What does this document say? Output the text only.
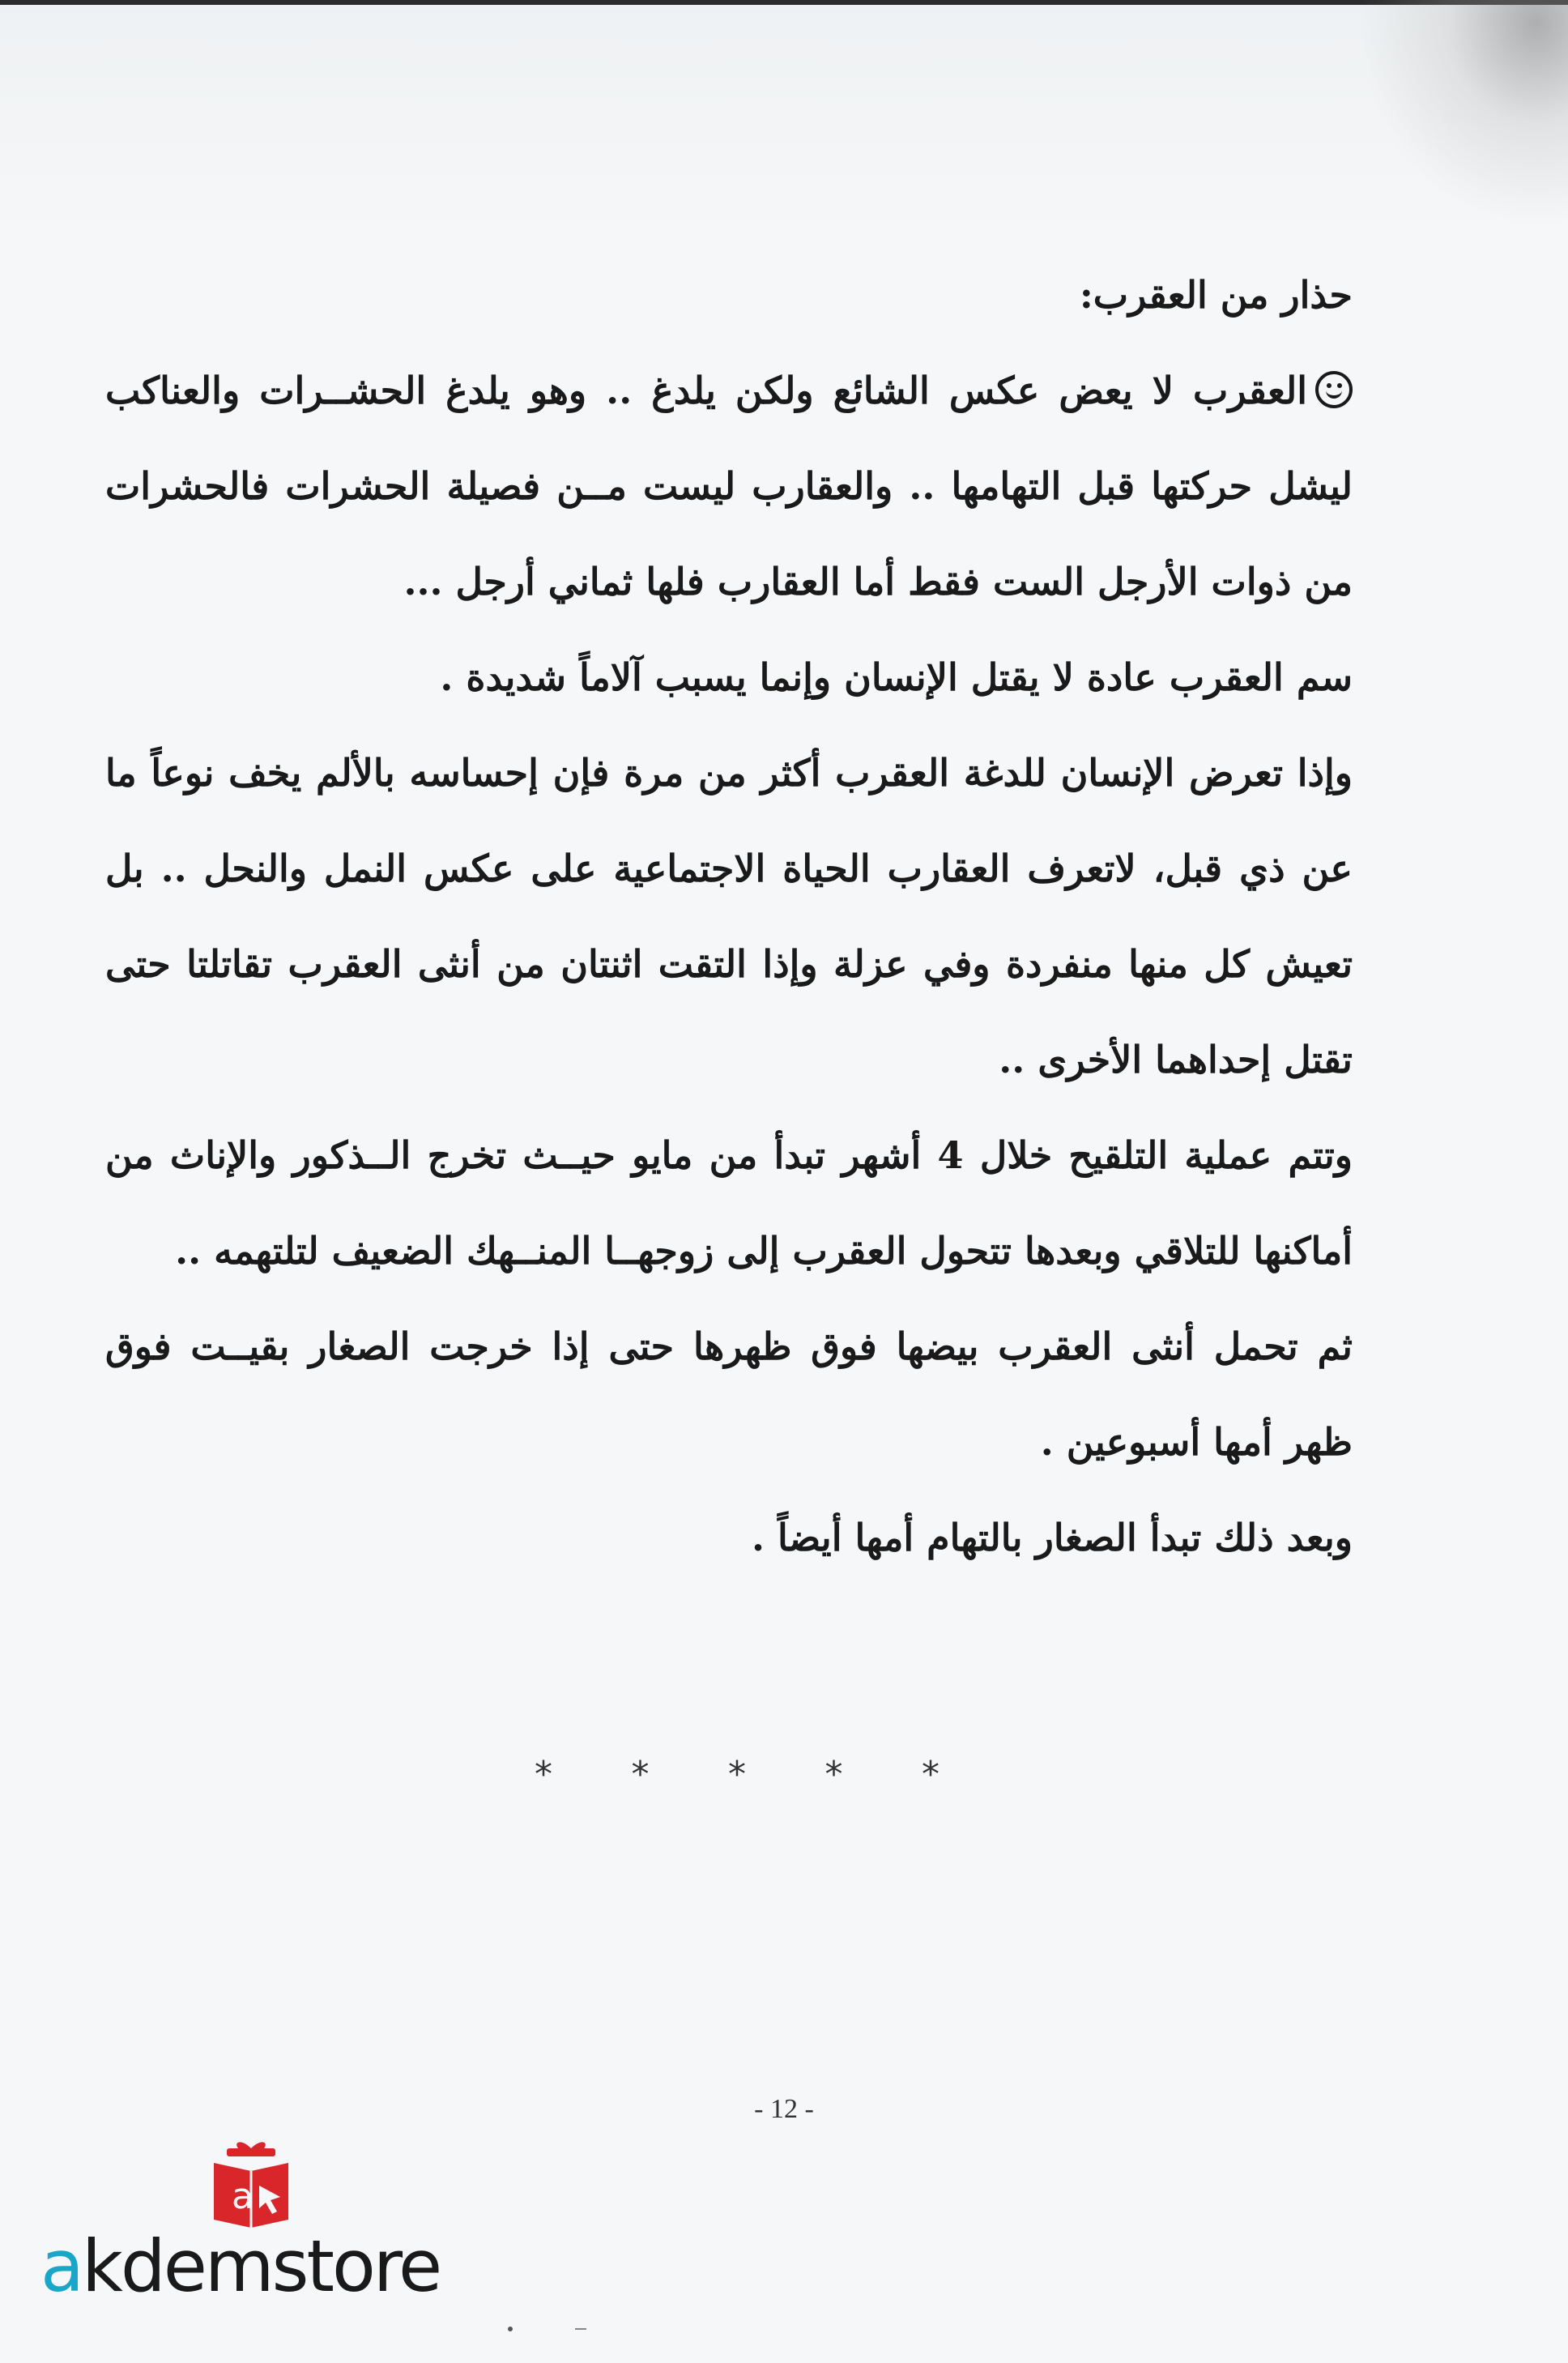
حذار من العقرب:

العقرب لا يعض عكس الشائع ولكن يلدغ .. وهو يلدغ الحشــرات والعناكب ليشل حركتها قبل التهامها .. والعقارب ليست مــن فصيلة الحشرات فالحشرات من ذوات الأرجل الست فقط أما العقارب فلها ثماني أرجل ...

سم العقرب عادة لا يقتل الإنسان وإنما يسبب آلاماً شديدة .

وإذا تعرض الإنسان للدغة العقرب أكثر من مرة فإن إحساسه بالألم يخف نوعاً ما عن ذي قبل، لاتعرف العقارب الحياة الاجتماعية على عكس النمل والنحل .. بل تعيش كل منها منفردة وفي عزلة وإذا التقت اثنتان من أنثى العقرب تقاتلتا حتى تقتل إحداهما الأخرى ..

وتتم عملية التلقيح خلال 4 أشهر تبدأ من مايو حيــث تخرج الــذكور والإناث من أماكنها للتلاقي وبعدها تتحول العقرب إلى زوجهــا المنــهك الضعيف لتلتهمه ..

ثم تحمل أنثى العقرب بيضها فوق ظهرها حتى إذا خرجت الصغار بقيــت فوق ظهر أمها أسبوعين .

وبعد ذلك تبدأ الصغار بالتهام أمها أيضاً .

* * * * *
- 12 -
a
akdemstore
